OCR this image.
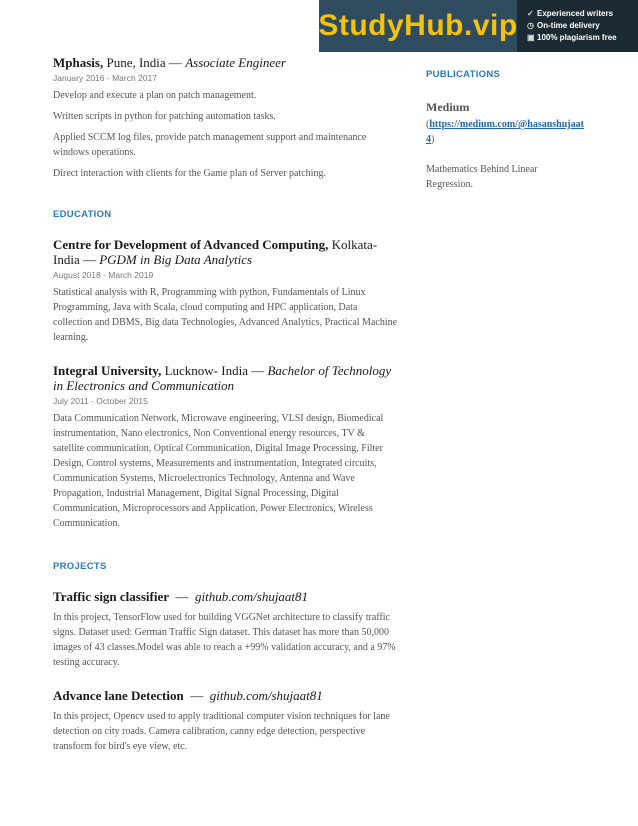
StudyHub.vip ✓ Experienced writers
◷ On-time delivery
▣ 100% plagiarism free

Mphasis, Pune, India — Associate Engineer

January 2016 - March 2017

Develop and execute a plan on patch management.

Written scripts in python for patching automation tasks.

Applied SCCM log files, provide patch management support and maintenance windows operations.

Direct interaction with clients for the Game plan of Server patching.

EDUCATION

Centre for Development of Advanced Computing, Kolkata-India — PGDM in Big Data Analytics

August 2018 - March 2019

Statistical analysis with R, Programming with python, Fundamentals of Linux Programming, Java with Scala, cloud computing and HPC application, Data collection and DBMS, Big data Technologies, Advanced Analytics, Practical Machine learning.

Integral University, Lucknow- India — Bachelor of Technology in Electronics and Communication

July 2011 - October 2015

Data Communication Network, Microwave engineering, VLSI design, Biomedical instrumentation, Nano electronics, Non Conventional energy resources, TV & satellite communication, Optical Communication, Digital Image Processing, Filter Design, Control systems, Measurements and instrumentation, Integrated circuits, Communication Systems, Microelectronics Technology, Antenna and Wave Propagation, Industrial Management, Digital Signal Processing, Digital Communication, Microprocessors and Application, Power Electronics, Wireless Communication.

PROJECTS

Traffic sign classifier  —  github.com/shujaat81

In this project, TensorFlow used for building VGGNet architecture to classify traffic signs. Dataset used: German Traffic Sign dataset. This dataset has more than 50,000 images of 43 classes.Model was able to reach a +99% validation accuracy, and a 97% testing accuracy.

Advance lane Detection  —  github.com/shujaat81

In this project, Opencv used to apply traditional computer vision techniques for lane detection on city roads. Camera calibration, canny edge detection, perspective transform for bird's eye view, etc.

PUBLICATIONS

Medium

(https://medium.com/@hasanshujaat4)
Mathematics Behind Linear Regression.
